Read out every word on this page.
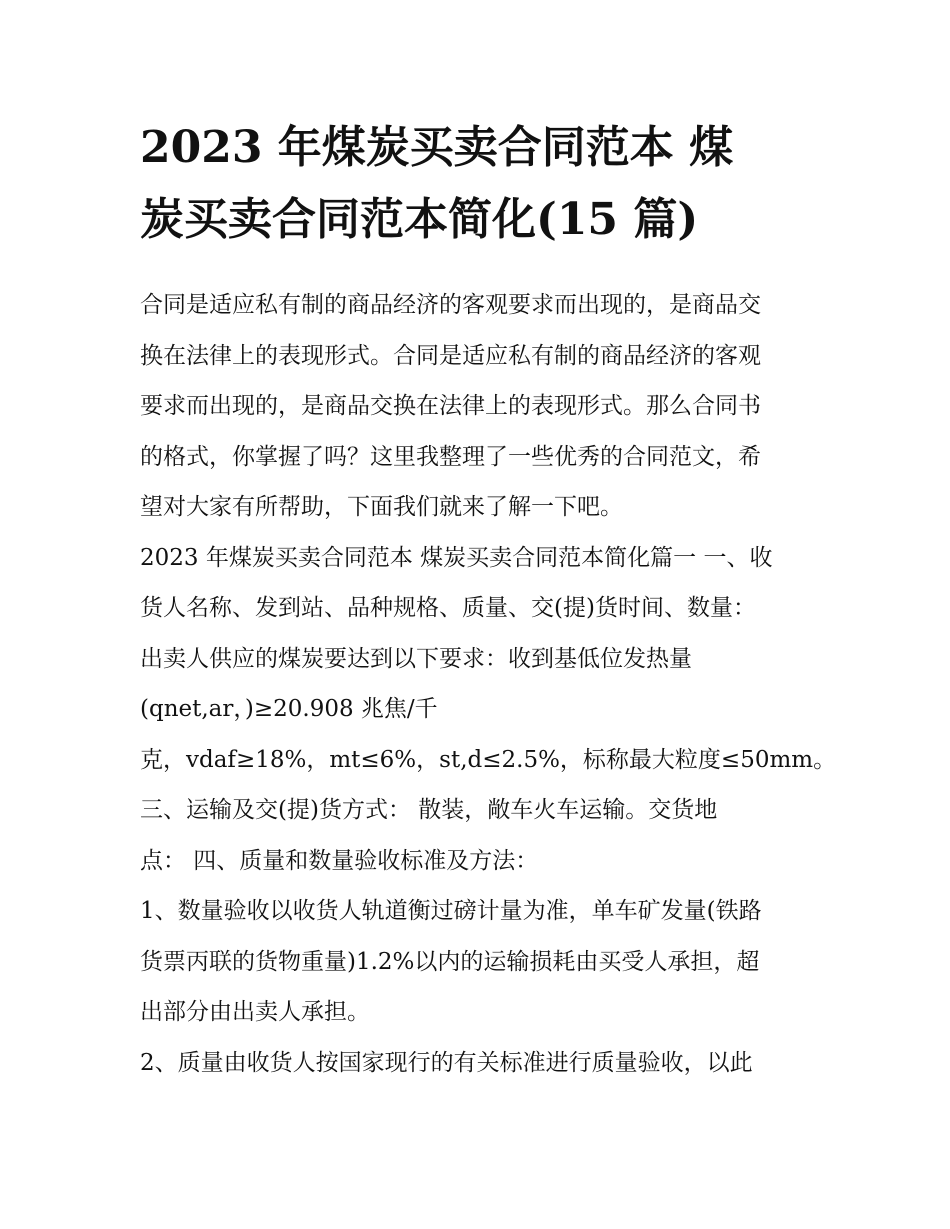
2023 年煤炭买卖合同范本 煤
炭买卖合同范本简化(15 篇)
合同是适应私有制的商品经济的客观要求而出现的，是商品交
换在法律上的表现形式。合同是适应私有制的商品经济的客观
要求而出现的，是商品交换在法律上的表现形式。那么合同书
的格式，你掌握了吗？这里我整理了一些优秀的合同范文，希
望对大家有所帮助，下面我们就来了解一下吧。
2023 年煤炭买卖合同范本 煤炭买卖合同范本简化篇一 一、收
货人名称、发到站、品种规格、质量、交(提)货时间、数量：
出卖人供应的煤炭要达到以下要求：收到基低位发热量
(qnet,ar，)≥20.908 兆焦/千
克，vdaf≥18%，mt≤6%，st,d≤2.5%，标称最大粒度≤50mm。
三、运输及交(提)货方式： 散装，敞车火车运输。交货地
点： 四、质量和数量验收标准及方法：
1、数量验收以收货人轨道衡过磅计量为准，单车矿发量(铁路
货票丙联的货物重量)1.2%以内的运输损耗由买受人承担，超
出部分由出卖人承担。
2、质量由收货人按国家现行的有关标准进行质量验收，以此
